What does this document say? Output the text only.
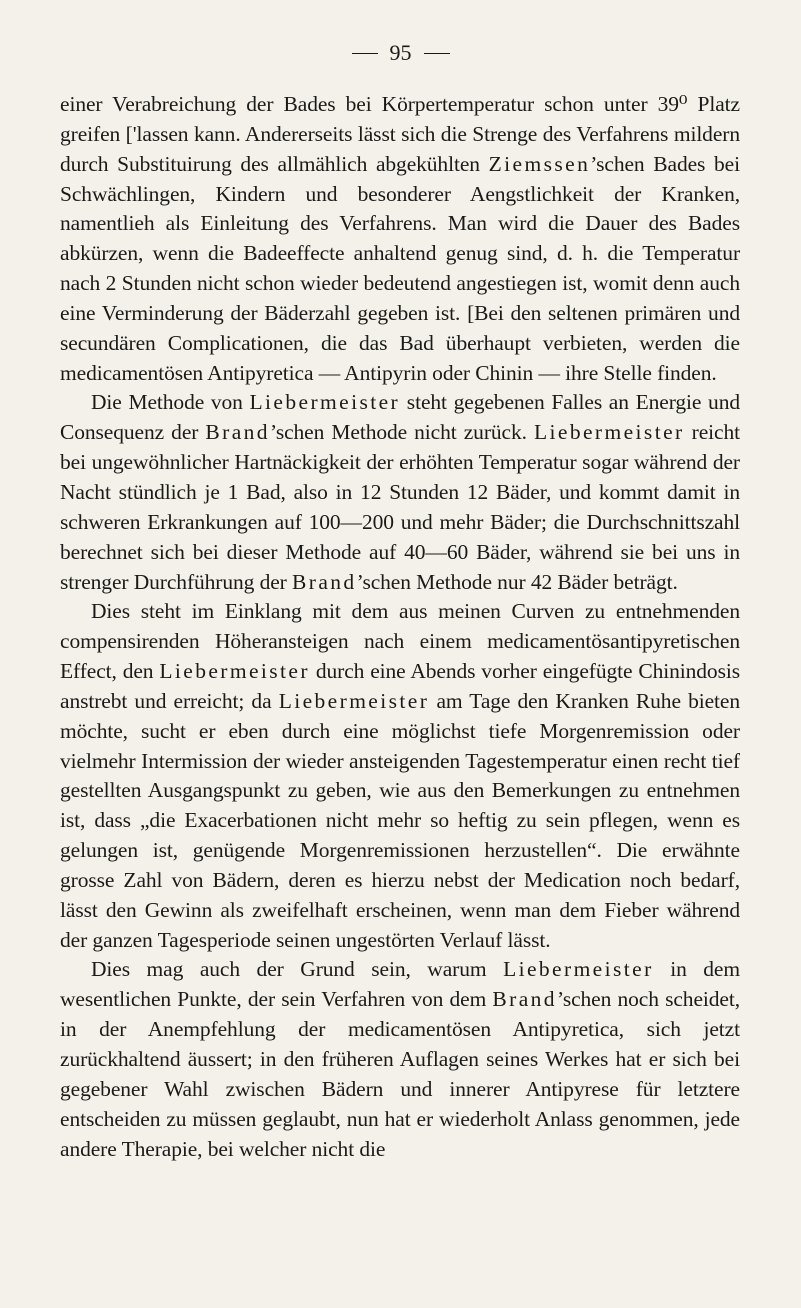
95

einer Verabreichung der Bades bei Körpertemperatur schon unter 39⁰ Platz greifen ['lassen kann. Andererseits lässt sich die Strenge des Verfahrens mildern durch Substituirung des allmählich abgekühlten Ziemssen’schen Bades bei Schwächlingen, Kindern und besonderer Aengstlichkeit der Kranken, namentlieh als Einleitung des Verfahrens. Man wird die Dauer des Bades abkürzen, wenn die Badeeffecte anhaltend genug sind, d. h. die Temperatur nach 2 Stunden nicht schon wieder bedeutend angestiegen ist, womit denn auch eine Verminderung der Bäderzahl gegeben ist. [Bei den seltenen primären und secundären Complicationen, die das Bad überhaupt verbieten, werden die medicamentösen Antipyretica — Antipyrin oder Chinin — ihre Stelle finden.

Die Methode von Liebermeister steht gegebenen Falles an Energie und Consequenz der Brand’schen Methode nicht zurück. Liebermeister reicht bei ungewöhnlicher Hartnäckigkeit der erhöhten Temperatur sogar während der Nacht stündlich je 1 Bad, also in 12 Stunden 12 Bäder, und kommt damit in schweren Erkrankungen auf 100—200 und mehr Bäder; die Durchschnittszahl berechnet sich bei dieser Methode auf 40—60 Bäder, während sie bei uns in strenger Durchführung der Brand’schen Methode nur 42 Bäder beträgt.

Dies steht im Einklang mit dem aus meinen Curven zu entnehmenden compensirenden Höheransteigen nach einem medicamentösantipyretischen Effect, den Liebermeister durch eine Abends vorher eingefügte Chinindosis anstrebt und erreicht; da Liebermeister am Tage den Kranken Ruhe bieten möchte, sucht er eben durch eine möglichst tiefe Morgenremission oder vielmehr Intermission der wieder ansteigenden Tagestemperatur einen recht tief gestellten Ausgangspunkt zu geben, wie aus den Bemerkungen zu entnehmen ist, dass „die Exacerbationen nicht mehr so heftig zu sein pflegen, wenn es gelungen ist, genügende Morgenremissionen herzustellen“. Die erwähnte grosse Zahl von Bädern, deren es hierzu nebst der Medication noch bedarf, lässt den Gewinn als zweifelhaft erscheinen, wenn man dem Fieber während der ganzen Tagesperiode seinen ungestörten Verlauf lässt.

Dies mag auch der Grund sein, warum Liebermeister in dem wesentlichen Punkte, der sein Verfahren von dem Brand’schen noch scheidet, in der Anempfehlung der medicamentösen Antipyretica, sich jetzt zurückhaltend äussert; in den früheren Auflagen seines Werkes hat er sich bei gegebener Wahl zwischen Bädern und innerer Antipyrese für letztere entscheiden zu müssen geglaubt, nun hat er wiederholt Anlass genommen, jede andere Therapie, bei welcher nicht die
